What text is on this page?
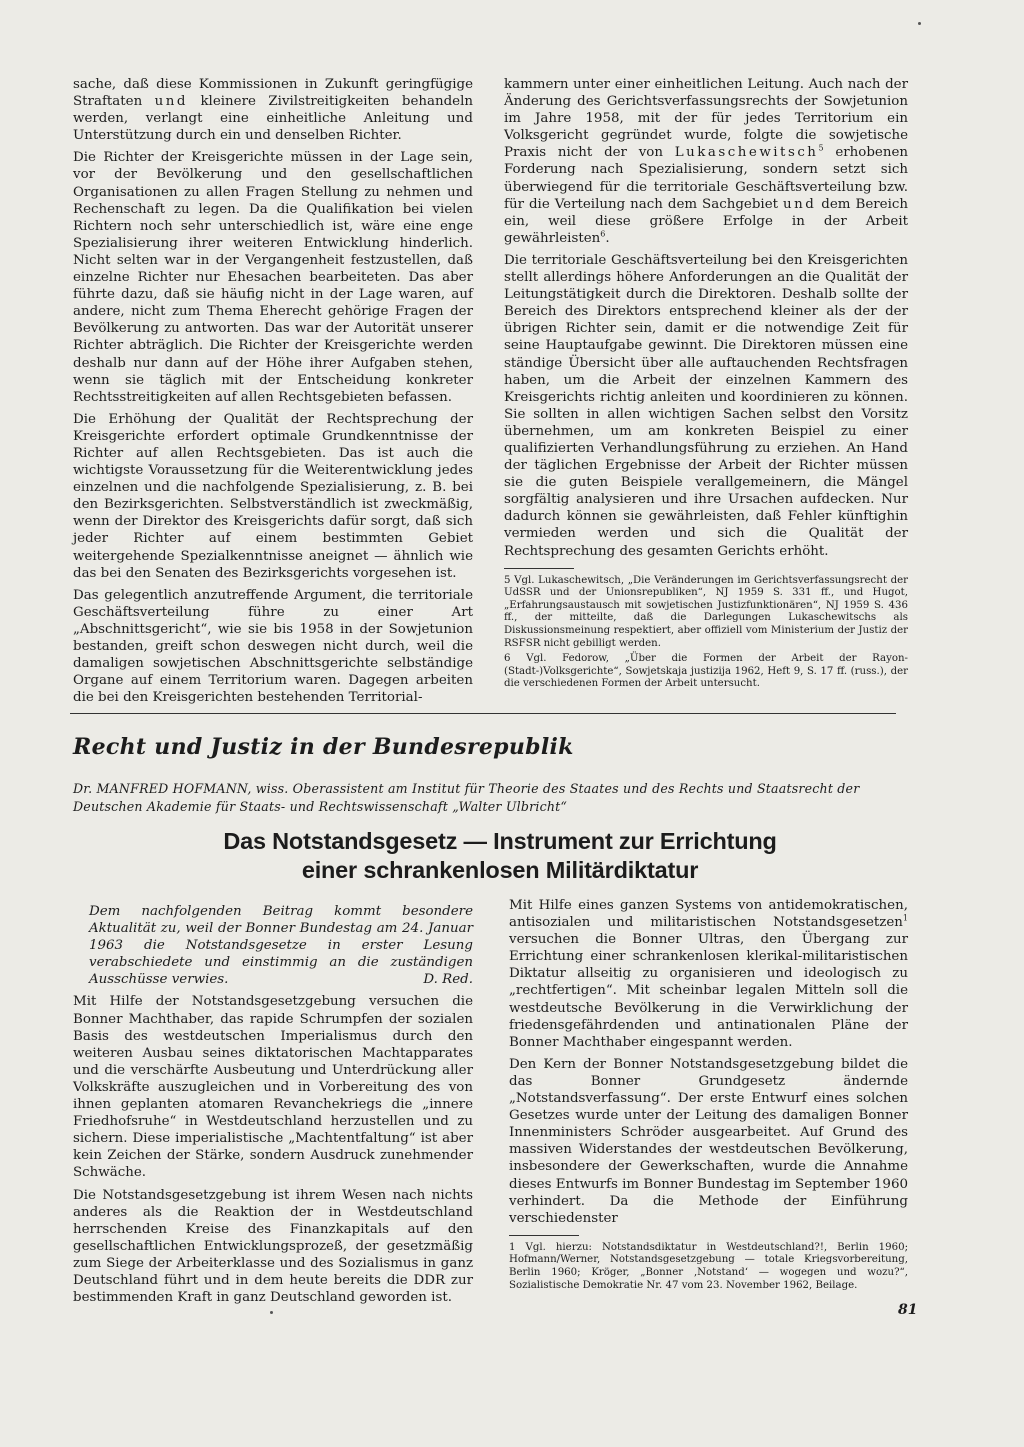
sache, daß diese Kommissionen in Zukunft geringfügige Straftaten und kleinere Zivilstreitigkeiten behandeln werden, verlangt eine einheitliche Anleitung und Unterstützung durch ein und denselben Richter.

Die Richter der Kreisgerichte müssen in der Lage sein, vor der Bevölkerung und den gesellschaftlichen Organisationen zu allen Fragen Stellung zu nehmen und Rechenschaft zu legen. Da die Qualifikation bei vielen Richtern noch sehr unterschiedlich ist, wäre eine enge Spezialisierung ihrer weiteren Entwicklung hinderlich. Nicht selten war in der Vergangenheit festzustellen, daß einzelne Richter nur Ehesachen bearbeiteten. Das aber führte dazu, daß sie häufig nicht in der Lage waren, auf andere, nicht zum Thema Eherecht gehörige Fragen der Bevölkerung zu antworten. Das war der Autorität unserer Richter abträglich. Die Richter der Kreisgerichte werden deshalb nur dann auf der Höhe ihrer Aufgaben stehen, wenn sie täglich mit der Entscheidung konkreter Rechtsstreitigkeiten auf allen Rechtsgebieten befassen.

Die Erhöhung der Qualität der Rechtsprechung der Kreisgerichte erfordert optimale Grundkenntnisse der Richter auf allen Rechtsgebieten. Das ist auch die wichtigste Voraussetzung für die Weiterentwicklung jedes einzelnen und die nachfolgende Spezialisierung, z. B. bei den Bezirksgerichten. Selbstverständlich ist zweckmäßig, wenn der Direktor des Kreisgerichts dafür sorgt, daß sich jeder Richter auf einem bestimmten Gebiet weitergehende Spezialkenntnisse aneignet — ähnlich wie das bei den Senaten des Bezirksgerichts vorgesehen ist.

Das gelegentlich anzutreffende Argument, die territoriale Geschäftsverteilung führe zu einer Art „Abschnittsgericht“, wie sie bis 1958 in der Sowjetunion bestanden, greift schon deswegen nicht durch, weil die damaligen sowjetischen Abschnittsgerichte selbständige Organe auf einem Territorium waren. Dagegen arbeiten die bei den Kreisgerichten bestehenden Territorial-

kammern unter einer einheitlichen Leitung. Auch nach der Änderung des Gerichtsverfassungsrechts der Sowjetunion im Jahre 1958, mit der für jedes Territorium ein Volksgericht gegründet wurde, folgte die sowjetische Praxis nicht der von Lukaschewitsch$^5$ erhobenen Forderung nach Spezialisierung, sondern setzt sich überwiegend für die territoriale Geschäftsverteilung bzw. für die Verteilung nach dem Sachgebiet und dem Bereich ein, weil diese größere Erfolge in der Arbeit gewährleisten$^6$.

Die territoriale Geschäftsverteilung bei den Kreisgerichten stellt allerdings höhere Anforderungen an die Qualität der Leitungstätigkeit durch die Direktoren. Deshalb sollte der Bereich des Direktors entsprechend kleiner als der der übrigen Richter sein, damit er die notwendige Zeit für seine Hauptaufgabe gewinnt. Die Direktoren müssen eine ständige Übersicht über alle auftauchenden Rechtsfragen haben, um die Arbeit der einzelnen Kammern des Kreisgerichts richtig anleiten und koordinieren zu können. Sie sollten in allen wichtigen Sachen selbst den Vorsitz übernehmen, um am konkreten Beispiel zu einer qualifizierten Verhandlungsführung zu erziehen. An Hand der täglichen Ergebnisse der Arbeit der Richter müssen sie die guten Beispiele verallgemeinern, die Mängel sorgfältig analysieren und ihre Ursachen aufdecken. Nur dadurch können sie gewährleisten, daß Fehler künftighin vermieden werden und sich die Qualität der Rechtsprechung des gesamten Gerichts erhöht.

5 Vgl. Lukaschewitsch, „Die Veränderungen im Gerichtsverfassungsrecht der UdSSR und der Unionsrepubliken“, NJ 1959 S. 331 ff., und Hugot, „Erfahrungsaustausch mit sowjetischen Justizfunktionären“, NJ 1959 S. 436 ff., der mitteilte, daß die Darlegungen Lukaschewitschs als Diskussionsmeinung respektiert, aber offiziell vom Ministerium der Justiz der RSFSR nicht gebilligt werden.

6 Vgl. Fedorow, „Über die Formen der Arbeit der Rayon-(Stadt-)Volksgerichte“, Sowjetskaja justizija 1962, Heft 9, S. 17 ff. (russ.), der die verschiedenen Formen der Arbeit untersucht.

Recht und Justiz in der Bundesrepublik
Dr. MANFRED HOFMANN, wiss. Oberassistent am Institut für Theorie des Staates und des Rechts und Staatsrecht der Deutschen Akademie für Staats- und Rechtswissenschaft „Walter Ulbricht“
Das Notstandsgesetz — Instrument zur Errichtung
einer schrankenlosen Militärdiktatur

Dem nachfolgenden Beitrag kommt besondere Aktualität zu, weil der Bonner Bundestag am 24. Januar 1963 die Notstandsgesetze in erster Lesung verabschiedete und einstimmig an die zuständigen Ausschüsse verwies.	D. Red.

Mit Hilfe der Notstandsgesetzgebung versuchen die Bonner Machthaber, das rapide Schrumpfen der sozialen Basis des westdeutschen Imperialismus durch den weiteren Ausbau seines diktatorischen Machtapparates und die verschärfte Ausbeutung und Unterdrückung aller Volkskräfte auszugleichen und in Vorbereitung des von ihnen geplanten atomaren Revanchekriegs die „innere Friedhofsruhe“ in Westdeutschland herzustellen und zu sichern. Diese imperialistische „Machtentfaltung“ ist aber kein Zeichen der Stärke, sondern Ausdruck zunehmender Schwäche.

Die Notstandsgesetzgebung ist ihrem Wesen nach nichts anderes als die Reaktion der in Westdeutschland herrschenden Kreise des Finanzkapitals auf den gesellschaftlichen Entwicklungsprozeß, der gesetzmäßig zum Siege der Arbeiterklasse und des Sozialismus in ganz Deutschland führt und in dem heute bereits die DDR zur bestimmenden Kraft in ganz Deutschland geworden ist.

Mit Hilfe eines ganzen Systems von antidemokratischen, antisozialen und militaristischen Notstandsgesetzen$^1$ versuchen die Bonner Ultras, den Übergang zur Errichtung einer schrankenlosen klerikal-militaristischen Diktatur allseitig zu organisieren und ideologisch zu „rechtfertigen“. Mit scheinbar legalen Mitteln soll die westdeutsche Bevölkerung in die Verwirklichung der friedensgefährdenden und antinationalen Pläne der Bonner Machthaber eingespannt werden.

Den Kern der Bonner Notstandsgesetzgebung bildet die das Bonner Grundgesetz ändernde „Notstandsverfassung“. Der erste Entwurf eines solchen Gesetzes wurde unter der Leitung des damaligen Bonner Innenministers Schröder ausgearbeitet. Auf Grund des massiven Widerstandes der westdeutschen Bevölkerung, insbesondere der Gewerkschaften, wurde die Annahme dieses Entwurfs im Bonner Bundestag im September 1960 verhindert. Da die Methode der Einführung verschiedenster

1 Vgl. hierzu: Notstandsdiktatur in Westdeutschland?!, Berlin 1960; Hofmann/Werner, Notstandsgesetzgebung — totale Kriegsvorbereitung, Berlin 1960; Kröger, „Bonner ‚Notstand‘ — wogegen und wozu?“, Sozialistische Demokratie Nr. 47 vom 23. November 1962, Beilage.

81
